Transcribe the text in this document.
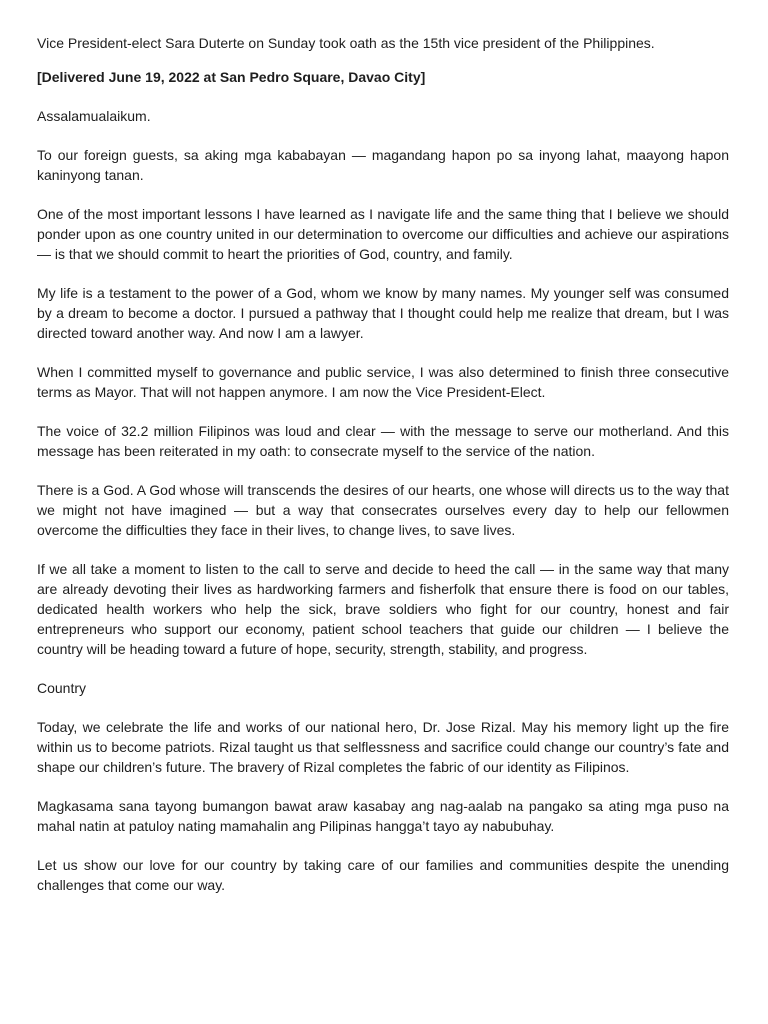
Vice President-elect Sara Duterte on Sunday took oath as the 15th vice president of the Philippines.

[Delivered June 19, 2022 at San Pedro Square, Davao City]

Assalamualaikum.

To our foreign guests, sa aking mga kababayan — magandang hapon po sa inyong lahat, maayong hapon kaninyong tanan.

One of the most important lessons I have learned as I navigate life and the same thing that I believe we should ponder upon as one country united in our determination to overcome our difficulties and achieve our aspirations — is that we should commit to heart the priorities of God, country, and family.

My life is a testament to the power of a God, whom we know by many names. My younger self was consumed by a dream to become a doctor. I pursued a pathway that I thought could help me realize that dream, but I was directed toward another way. And now I am a lawyer.

When I committed myself to governance and public service, I was also determined to finish three consecutive terms as Mayor. That will not happen anymore. I am now the Vice President-Elect.

The voice of 32.2 million Filipinos was loud and clear — with the message to serve our motherland. And this message has been reiterated in my oath: to consecrate myself to the service of the nation.

There is a God. A God whose will transcends the desires of our hearts, one whose will directs us to the way that we might not have imagined — but a way that consecrates ourselves every day to help our fellowmen overcome the difficulties they face in their lives, to change lives, to save lives.

If we all take a moment to listen to the call to serve and decide to heed the call — in the same way that many are already devoting their lives as hardworking farmers and fisherfolk that ensure there is food on our tables, dedicated health workers who help the sick, brave soldiers who fight for our country, honest and fair entrepreneurs who support our economy, patient school teachers that guide our children — I believe the country will be heading toward a future of hope, security, strength, stability, and progress.

Country

Today, we celebrate the life and works of our national hero, Dr. Jose Rizal. May his memory light up the fire within us to become patriots. Rizal taught us that selflessness and sacrifice could change our country’s fate and shape our children’s future. The bravery of Rizal completes the fabric of our identity as Filipinos.

Magkasama sana tayong bumangon bawat araw kasabay ang nag-aalab na pangako sa ating mga puso na mahal natin at patuloy nating mamahalin ang Pilipinas hangga’t tayo ay nabubuhay.

Let us show our love for our country by taking care of our families and communities despite the unending challenges that come our way.
